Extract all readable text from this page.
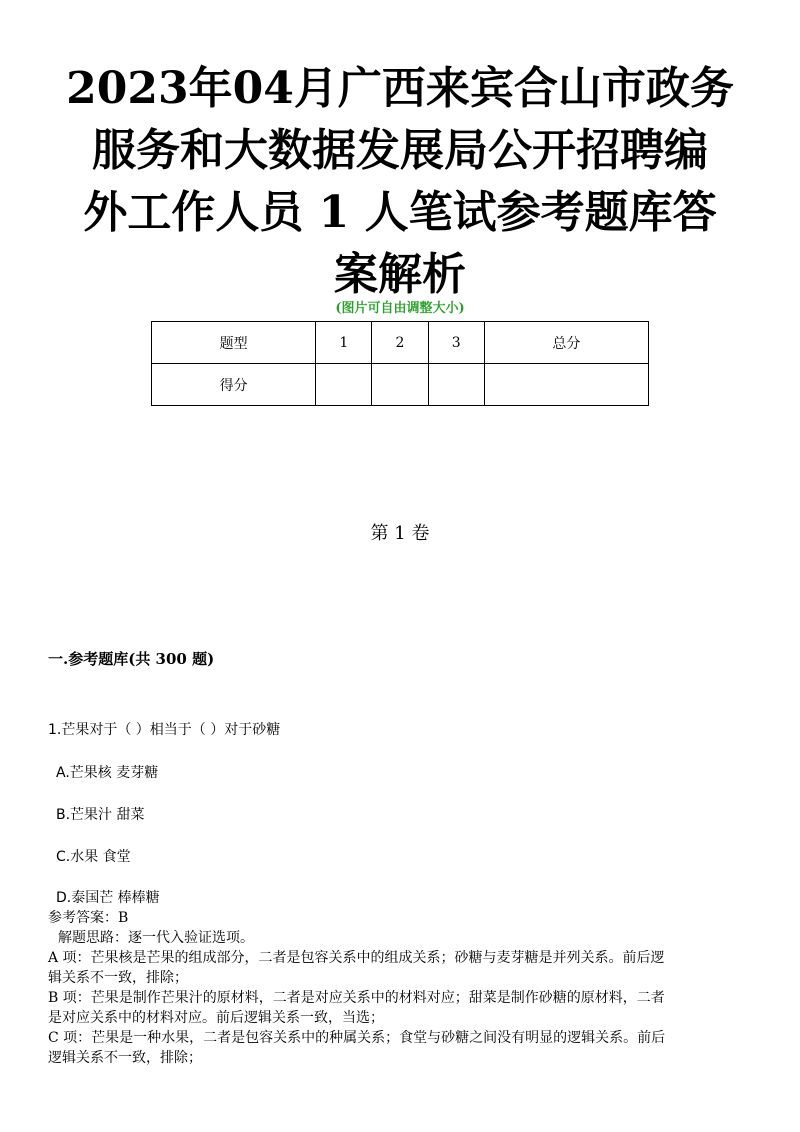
2023年04月广西来宾合山市政务
服务和大数据发展局公开招聘编
外工作人员 1 人笔试参考题库答
案解析
(图片可自由调整大小)
题型	1	2	3	总分
得分				
第 1 卷
一.参考题库(共 300 题)
1.芒果对于（ ）相当于（ ）对于砂糖
A.芒果核 麦芽糖
B.芒果汁 甜菜
C.水果 食堂
D.泰国芒 棒棒糖

参考答案：B

解题思路：逐一代入验证选项。

A 项：芒果核是芒果的组成部分，二者是包容关系中的组成关系；砂糖与麦芽糖是并列关系。前后逻

辑关系不一致，排除；

B 项：芒果是制作芒果汁的原材料，二者是对应关系中的材料对应；甜菜是制作砂糖的原材料，二者

是对应关系中的材料对应。前后逻辑关系一致，当选；

C 项：芒果是一种水果，二者是包容关系中的种属关系；食堂与砂糖之间没有明显的逻辑关系。前后

逻辑关系不一致，排除；
